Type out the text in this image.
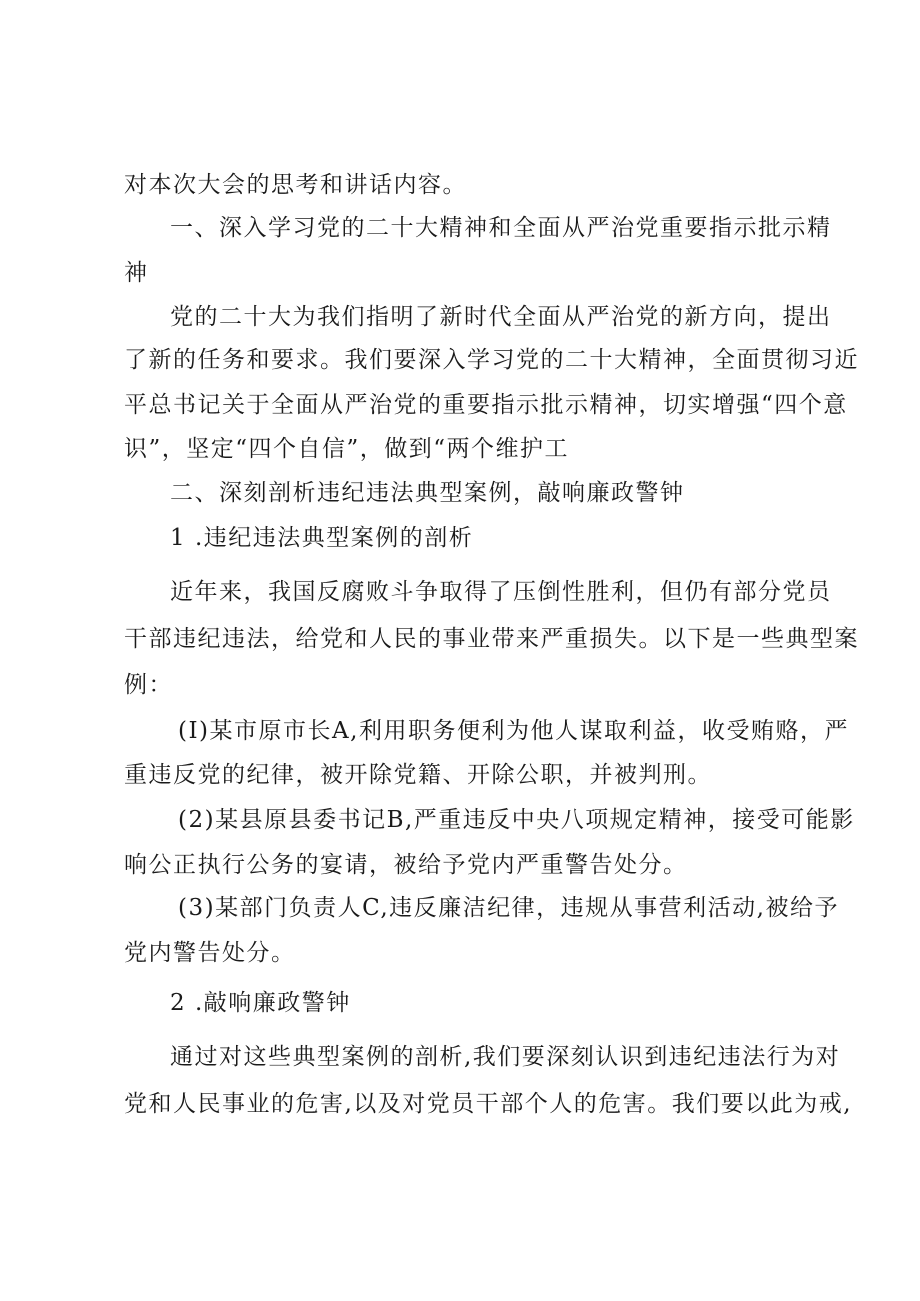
对本次大会的思考和讲话内容。
一、深入学习党的二十大精神和全面从严治党重要指示批示精
神
党的二十大为我们指明了新时代全面从严治党的新方向，提出
了新的任务和要求。我们要深入学习党的二十大精神，全面贯彻习近
平总书记关于全面从严治党的重要指示批示精神，切实增强“四个意
识”，坚定“四个自信”，做到“两个维护工
二、深刻剖析违纪违法典型案例，敲响廉政警钟
1 .违纪违法典型案例的剖析
近年来，我国反腐败斗争取得了压倒性胜利，但仍有部分党员
干部违纪违法，给党和人民的事业带来严重损失。以下是一些典型案
例：
(I)某市原市长A,利用职务便利为他人谋取利益，收受贿赂，严
重违反党的纪律，被开除党籍、开除公职，并被判刑。
(2)某县原县委书记B,严重违反中央八项规定精神，接受可能影
响公正执行公务的宴请，被给予党内严重警告处分。
(3)某部门负责人C,违反廉洁纪律，违规从事营利活动,被给予
党内警告处分。
2 .敲响廉政警钟
通过对这些典型案例的剖析,我们要深刻认识到违纪违法行为对
党和人民事业的危害,以及对党员干部个人的危害。我们要以此为戒,
